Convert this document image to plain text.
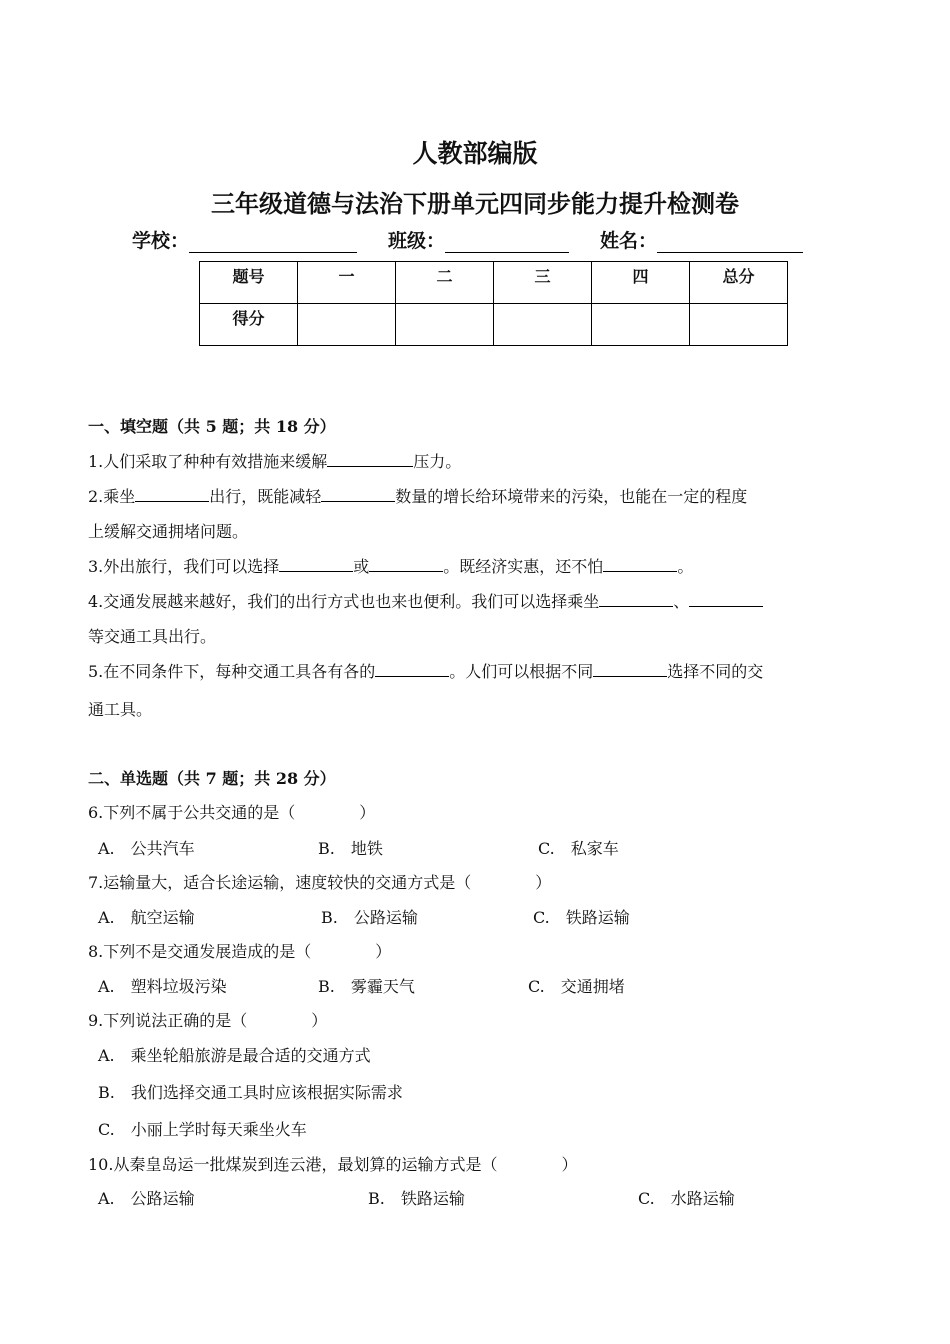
人教部编版
三年级道德与法治下册单元四同步能力提升检测卷
学校：	班级：	姓名：
题号	一	二	三	四	总分
得分					
一、填空题（共 5 题；共 18 分）
1.人们采取了种种有效措施来缓解	压力。
2.乘坐	出行，既能减轻	数量的增长给环境带来的污染，也能在一定的程度
上缓解交通拥堵问题。
3.外出旅行，我们可以选择	或	。既经济实惠，还不怕	。
4.交通发展越来越好，我们的出行方式也也来也便利。我们可以选择乘坐	、
等交通工具出行。
5.在不同条件下，每种交通工具各有各的	。人们可以根据不同	选择不同的交
通工具。
二、单选题（共 7 题；共 28 分）
6.下列不属于公共交通的是（　　　　）
A.　公共汽车	B.　地铁	C.　私家车
7.运输量大，适合长途运输，速度较快的交通方式是（　　　　）
A.　航空运输	B.　公路运输	C.　铁路运输
8.下列不是交通发展造成的是（　　　　）
A.　塑料垃圾污染	B.　雾霾天气	C.　交通拥堵
9.下列说法正确的是（　　　　）
A.　乘坐轮船旅游是最合适的交通方式
B.　我们选择交通工具时应该根据实际需求
C.　小丽上学时每天乘坐火车
10.从秦皇岛运一批煤炭到连云港，最划算的运输方式是（　　　　）
A.　公路运输	B.　铁路运输	C.　水路运输
